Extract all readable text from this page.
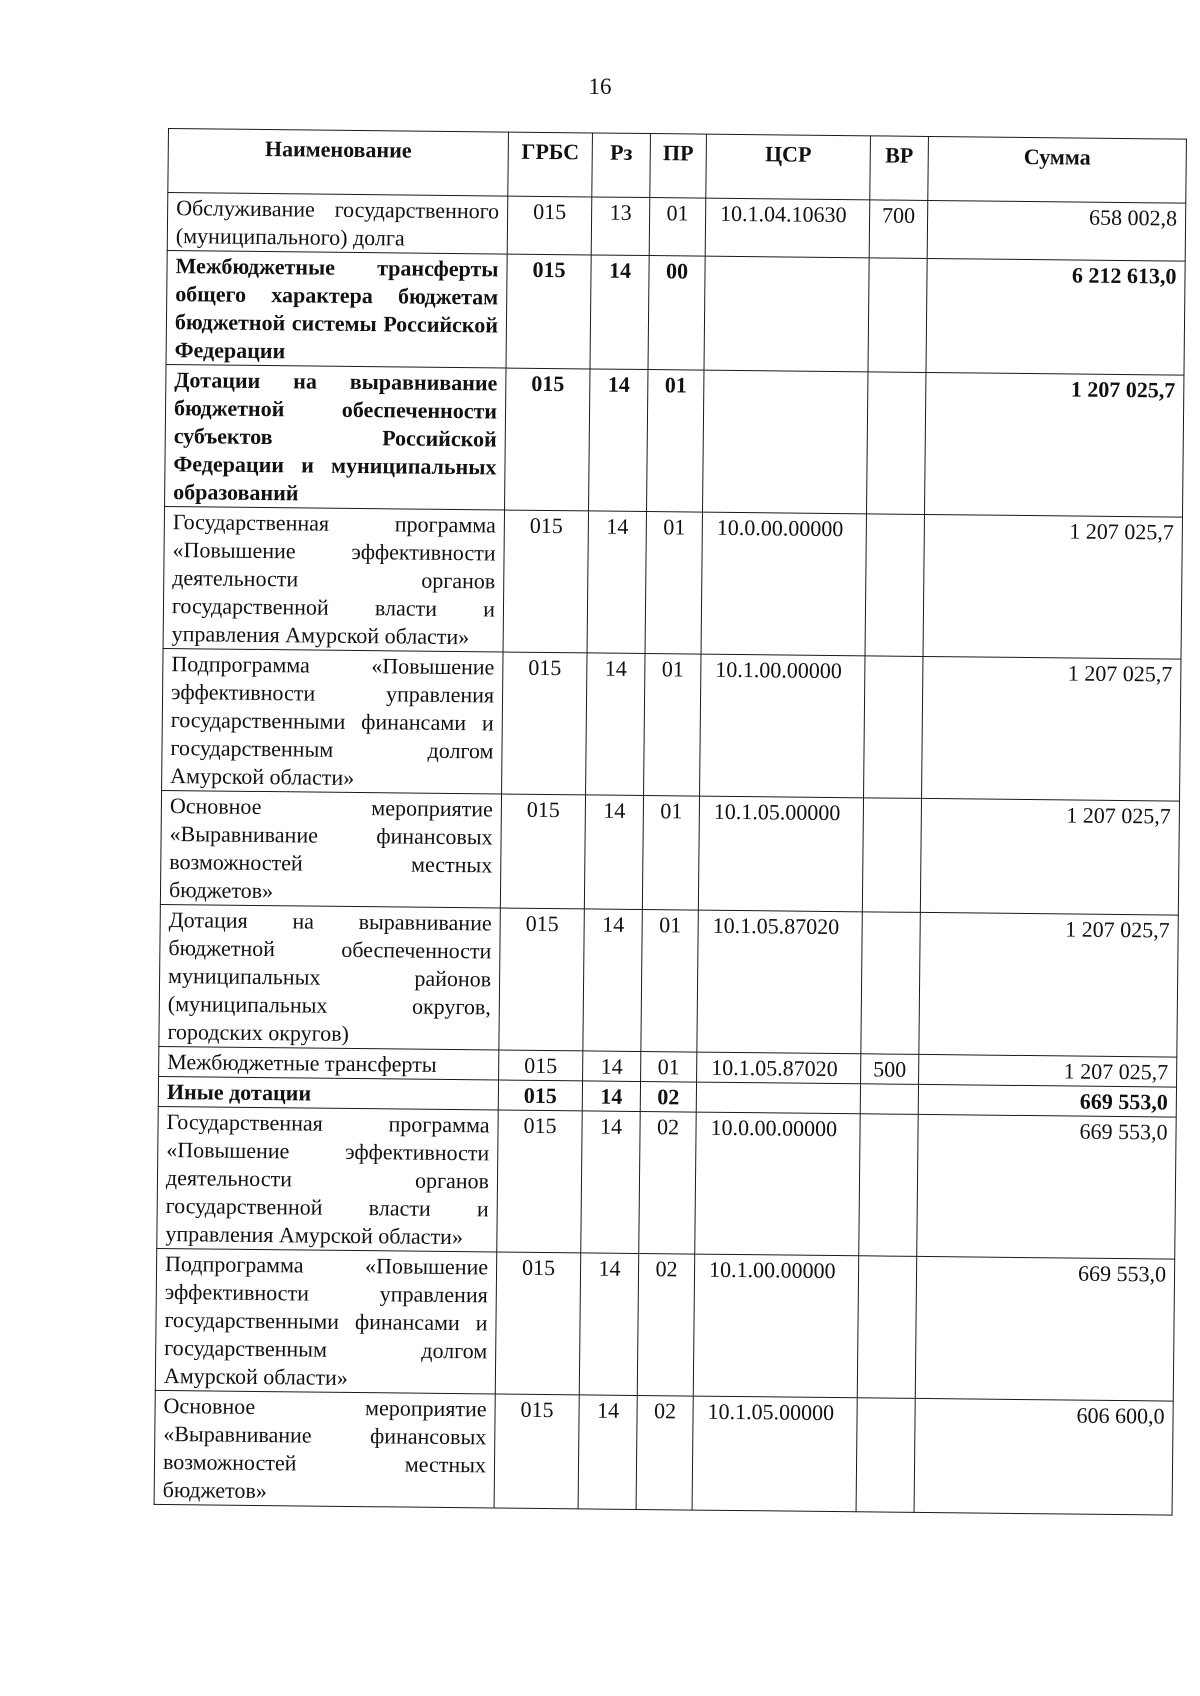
16
Наименование	ГРБС	Рз	ПР	ЦСР	ВР	Сумма
Обслуживание государственного (муниципального) долга	015	13	01	10.1.04.10630	700	658 002,8
Межбюджетные трансферты общего характера бюджетам бюджетной системы Российской Федерации	015	14	00			6 212 613,0
Дотации на выравнивание бюджетной обеспеченности субъектов Российской Федерации и муниципальных образований	015	14	01			1 207 025,7
Государственная программа «Повышение эффективности деятельности органов государственной власти и управления Амурской области»	015	14	01	10.0.00.00000		1 207 025,7
Подпрограмма «Повышение эффективности управления государственными финансами и государственным долгом Амурской области»	015	14	01	10.1.00.00000		1 207 025,7
Основное мероприятие «Выравнивание финансовых возможностей местных бюджетов»	015	14	01	10.1.05.00000		1 207 025,7
Дотация на выравнивание бюджетной обеспеченности муниципальных районов (муниципальных округов, городских округов)	015	14	01	10.1.05.87020		1 207 025,7
Межбюджетные трансферты	015	14	01	10.1.05.87020	500	1 207 025,7
Иные дотации	015	14	02			669 553,0
Государственная программа «Повышение эффективности деятельности органов государственной власти и управления Амурской области»	015	14	02	10.0.00.00000		669 553,0
Подпрограмма «Повышение эффективности управления государственными финансами и государственным долгом Амурской области»	015	14	02	10.1.00.00000		669 553,0
Основное мероприятие «Выравнивание финансовых возможностей местных бюджетов»	015	14	02	10.1.05.00000		606 600,0
